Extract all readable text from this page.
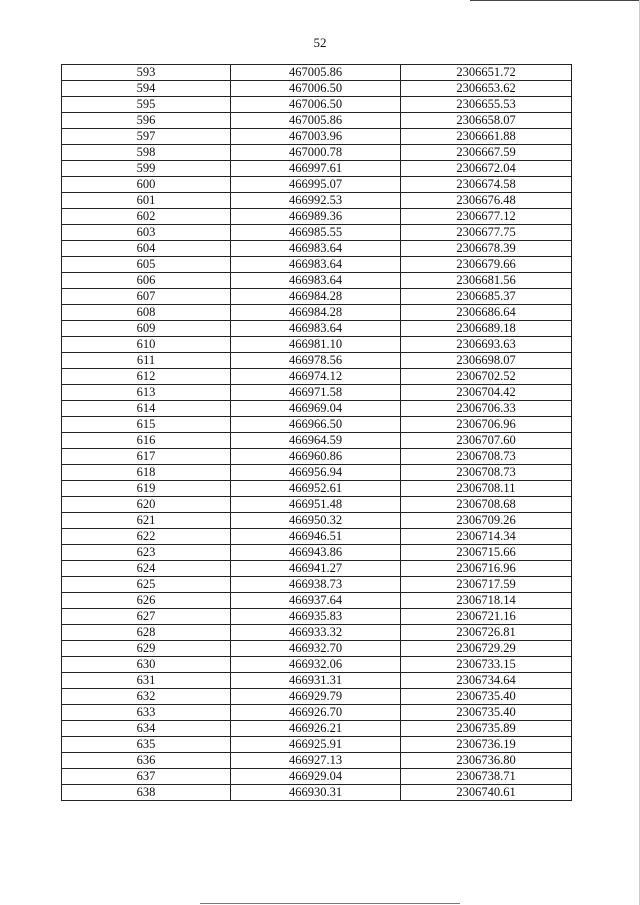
52
593	467005.86	2306651.72
594	467006.50	2306653.62
595	467006.50	2306655.53
596	467005.86	2306658.07
597	467003.96	2306661.88
598	467000.78	2306667.59
599	466997.61	2306672.04
600	466995.07	2306674.58
601	466992.53	2306676.48
602	466989.36	2306677.12
603	466985.55	2306677.75
604	466983.64	2306678.39
605	466983.64	2306679.66
606	466983.64	2306681.56
607	466984.28	2306685.37
608	466984.28	2306686.64
609	466983.64	2306689.18
610	466981.10	2306693.63
611	466978.56	2306698.07
612	466974.12	2306702.52
613	466971.58	2306704.42
614	466969.04	2306706.33
615	466966.50	2306706.96
616	466964.59	2306707.60
617	466960.86	2306708.73
618	466956.94	2306708.73
619	466952.61	2306708.11
620	466951.48	2306708.68
621	466950.32	2306709.26
622	466946.51	2306714.34
623	466943.86	2306715.66
624	466941.27	2306716.96
625	466938.73	2306717.59
626	466937.64	2306718.14
627	466935.83	2306721.16
628	466933.32	2306726.81
629	466932.70	2306729.29
630	466932.06	2306733.15
631	466931.31	2306734.64
632	466929.79	2306735.40
633	466926.70	2306735.40
634	466926.21	2306735.89
635	466925.91	2306736.19
636	466927.13	2306736.80
637	466929.04	2306738.71
638	466930.31	2306740.61
